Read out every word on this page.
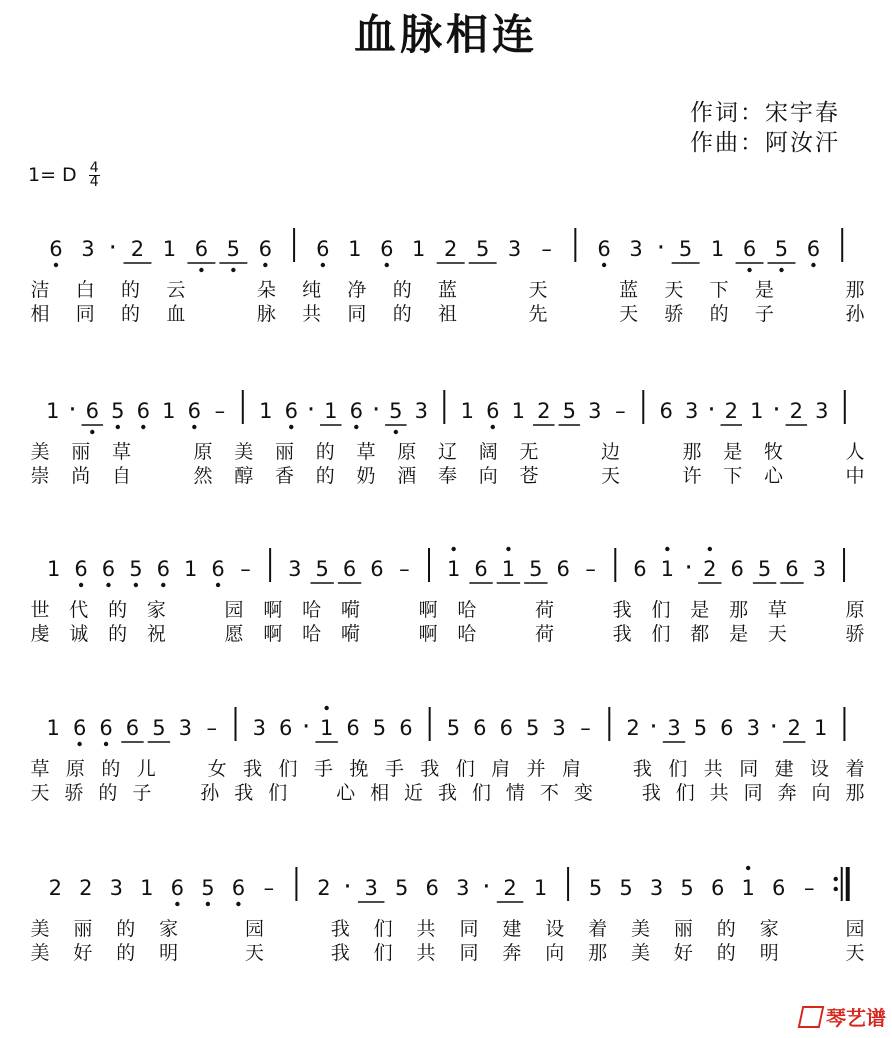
血脉相连
作词：宋宇春
作曲：阿汝汗
1= D $\frac{4}{4}$
6 3 · 2 1 6 5 6 6 1 6 1 2 5 3 – 6 3 · 5 1 6 5 6
洁 白 的 云	朵 纯 净 的 蓝	天	蓝 天 下 是	那
相 同 的 血	脉 共 同 的 祖	先	天 骄 的 子	孙
1 · 6 5 6 1 6 – 1 6 · 1 6 · 5 3 1 6 1 2 5 3 – 6 3 · 2 1 · 2 3
美 丽 草	原 美 丽 的 草 原 辽 阔 无	边	那 是 牧	人
崇 尚 自	然 醇 香 的 奶 酒 奉 向 苍	天	许 下 心	中
1 6 6 5 6 1 6 – 3 5 6 6 – 1 6 1 5 6 – 6 1 · 2 6 5 6 3
世 代 的 家	园 啊 哈 嗬	啊 哈	荷	我 们 是 那 草	原
虔 诚 的 祝	愿 啊 哈 嗬	啊 哈	荷	我 们 都 是 天	骄
1 6 6 6 5 3 – 3 6 · 1 6 5 6 5 6 6 5 3 – 2 · 3 5 6 3 · 2 1
草 原 的 儿	女 我 们 手 挽 手 我 们 肩 并 肩	我 们 共 同 建 设 着
天 骄 的 子	孙 我 们	心 相 近 我 们 情 不 变	我 们 共 同 奔 向 那
2 2 3 1 6 5 6 – 2 · 3 5 6 3 · 2 1 5 5 3 5 6 1 6 –
美 丽 的 家	园	我 们 共 同 建 设 着 美 丽 的 家	园
美 好 的 明	天	我 们 共 同 奔 向 那 美 好 的 明	天
琴艺谱
